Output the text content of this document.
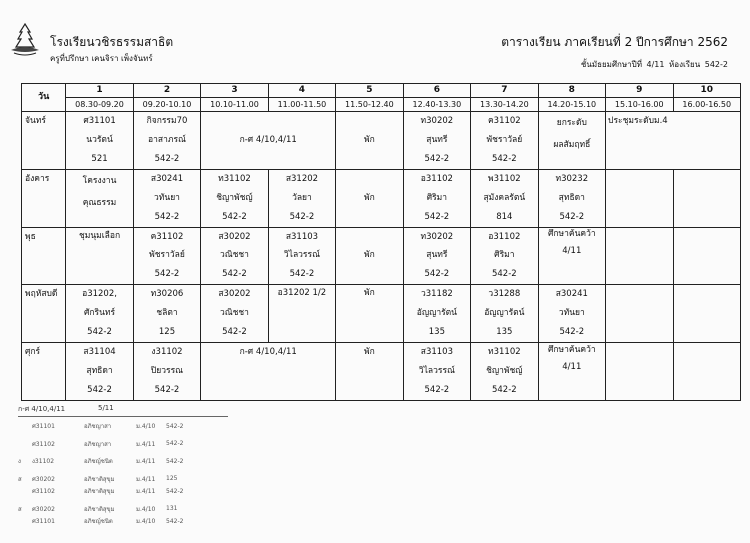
โรงเรียนวชิรธรรมสาธิต
ครูที่ปรึกษา เคนจิรา เพ็งจันทร์
ตารางเรียน ภาคเรียนที่ 2 ปีการศึกษา 2562
ชั้นมัธยมศึกษาปีที่ 4/11 ห้องเรียน 542-2
วัน	1	2	3	4	5	6	7	8	9	10
	08.30-09.20	09.20-10.10	10.10-11.00	11.00-11.50	11.50-12.40	12.40-13.30	13.30-14.20	14.20-15.10	15.10-16.00	16.00-16.50
จันทร์	ศ31101
นวรัตน์
521	กิจกรรม70
อาสาภรณ์
542-2	ก-ศ 4/10,4/11		พัก	ท30202
สุนทรี
542-2	ค31102
พัชราวัลย์
542-2	ยกระดับ
ผลสัมฤทธิ์	ประชุมระดับม.4	
อังคาร	โครงงาน
คุณธรรม	ส30241
วทันยา
542-2	ท31102
ชิญาพัชญ์
542-2	ส31202
วัลยา
542-2	พัก	อ31102
ศิริมา
542-2	พ31102
สุมังคลรัตน์
814	ท30232
สุทธิดา
542-2		

พุธ	ชุมนุมเลือก	ค31102
พัชราวัลย์
542-2	ส30202
วณิชชา
542-2	ส31103
วิไลวรรณ์
542-2	พัก	ท30202
สุนทรี
542-2	อ31102
ศิริมา
542-2	ศึกษาค้นคว้า
4/11		

พฤหัสบดี	อ31202,
ศักรินทร์
542-2	ท30206
ชลิตา
125	ส30202
วณิชชา
542-2	อ31202 1/2	พัก	ว31182
อัญญารัตน์
135	ว31288
อัญญารัตน์
135	ส30241
วทันยา
542-2		

ศุกร์	ส31104
สุทธิดา
542-2	ง31102
ปิยวรรณ
542-2	ก-ศ 4/10,4/11		พัก	ส31103
วิไลวรรณ์
542-2	ท31102
ชิญาพัชญ์
542-2	ศึกษาค้นคว้า
4/11		

ก-ศ 4/10,4/11	5/11
ศ31101	อภิชญาสา	ม.4/10	542-2
ศ31102	อภิชญาสา	ม.4/11	542-2
ง	ง31102	อภิชญ์ชนิต	ม.4/11	542-2
ส	ศ30202	อภิชาติสุขุม	ม.4/11	125
ศ31102	อภิชาติสุขุม	ม.4/11	542-2
ส	ศ30202	อภิชาติสุขุม	ม.4/10	131
ศ31101	อภิชญ์ชนิต	ม.4/10	542-2
